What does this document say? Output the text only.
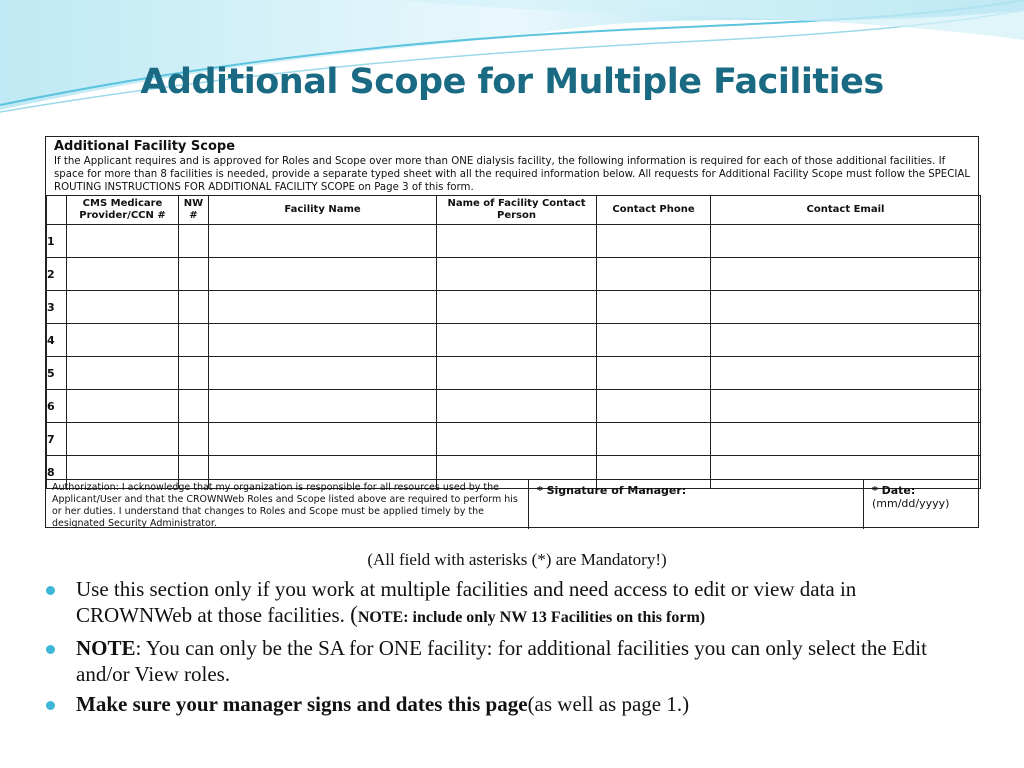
Additional Scope for Multiple Facilities
Additional Facility Scope
If the Applicant requires and is approved for Roles and Scope over more than ONE dialysis facility, the following information is required for each of those additional facilities. If space for more than 8 facilities is needed, provide a separate typed sheet with all the required information below. All requests for Additional Facility Scope must follow the SPECIAL ROUTING INSTRUCTIONS FOR ADDITIONAL FACILITY SCOPE on Page 3 of this form.
	CMS Medicare Provider/CCN #	NW #	Facility Name	Name of Facility Contact Person	Contact Phone	Contact Email
1						
2						
3						
4						
5						
6						
7						
8						
Authorization: I acknowledge that my organization is responsible for all resources used by the Applicant/User and that the CROWNWeb Roles and Scope listed above are required to perform his or her duties. I understand that changes to Roles and Scope must be applied timely by the designated Security Administrator.
* Signature of Manager:	* Date:
(mm/dd/yyyy)
(All field with asterisks (*) are Mandatory!)
Use this section only if you work at multiple facilities and need access to edit or view data in CROWNWeb at those facilities. (NOTE: include only NW 13 Facilities on this form)
NOTE: You can only be the SA for ONE facility: for additional facilities you can only select the Edit and/or View roles.
Make sure your manager signs and dates this page(as well as page 1.)
